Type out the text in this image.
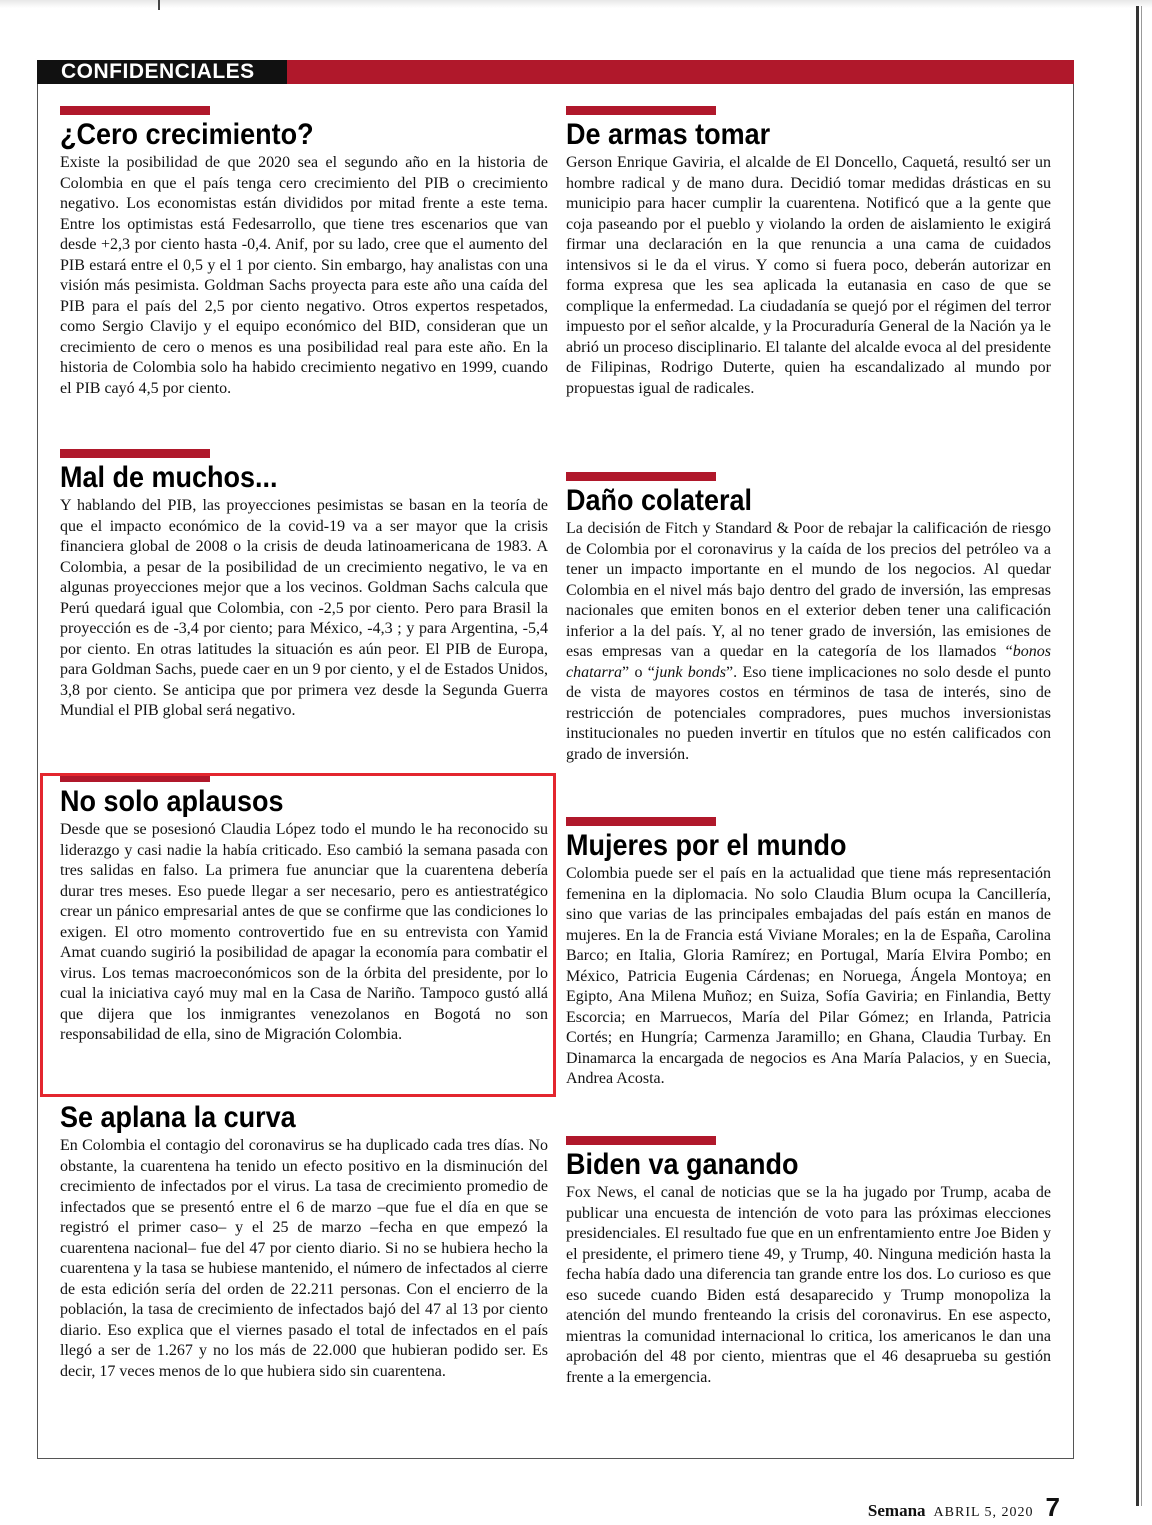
CONFIDENCIALES
¿Cero crecimiento?

Existe la posibilidad de que 2020 sea el segundo año en la historia de Colombia en que el país tenga cero crecimiento del PIB o crecimiento negativo. Los economistas están divididos por mitad frente a este tema. Entre los optimistas está Fedesarrollo, que tiene tres escenarios que van desde +2,3 por ciento hasta -0,4. Anif, por su lado, cree que el aumento del PIB estará entre el 0,5 y el 1 por ciento. Sin embargo, hay analistas con una visión más pesimista. Goldman Sachs proyecta para este año una caída del PIB para el país del 2,5 por ciento negativo. Otros expertos respetados, como Sergio Clavijo y el equipo económico del BID, consideran que un crecimiento de cero o menos es una posibilidad real para este año. En la historia de Colombia solo ha habido crecimiento negativo en 1999, cuando el PIB cayó 4,5 por ciento.

Mal de muchos...

Y hablando del PIB, las proyecciones pesimistas se basan en la teoría de que el impacto económico de la covid-19 va a ser mayor que la crisis financiera global de 2008 o la crisis de deuda latinoamericana de 1983. A Colombia, a pesar de la posibilidad de un crecimiento negativo, le va en algunas proyecciones mejor que a los vecinos. Goldman Sachs calcula que Perú quedará igual que Colombia, con -2,5 por ciento. Pero para Brasil la proyección es de -3,4 por ciento; para México, -4,3 ; y para Argentina, -5,4 por ciento. En otras latitudes la situación es aún peor. El PIB de Europa, para Goldman Sachs, puede caer en un 9 por ciento, y el de Estados Unidos, 3,8 por ciento. Se anticipa que por primera vez desde la Segunda Guerra Mundial el PIB global será negativo.

No solo aplausos

Desde que se posesionó Claudia López todo el mundo le ha reconocido su liderazgo y casi nadie la había criticado. Eso cambió la semana pasada con tres salidas en falso. La primera fue anunciar que la cuarentena debería durar tres meses. Eso puede llegar a ser necesario, pero es antiestratégico crear un pánico empresarial antes de que se confirme que las condiciones lo exigen. El otro momento controvertido fue en su entrevista con Yamid Amat cuando sugirió la posibilidad de apagar la economía para combatir el virus. Los temas macroeconómicos son de la órbita del presidente, por lo cual la iniciativa cayó muy mal en la Casa de Nariño. Tampoco gustó allá que dijera que los inmigrantes venezolanos en Bogotá no son responsabilidad de ella, sino de Migración Colombia.

Se aplana la curva

En Colombia el contagio del coronavirus se ha duplicado cada tres días. No obstante, la cuarentena ha tenido un efecto positivo en la disminución del crecimiento de infectados por el virus. La tasa de crecimiento promedio de infectados que se presentó entre el 6 de marzo –que fue el día en que se registró el primer caso– y el 25 de marzo –fecha en que empezó la cuarentena nacional– fue del 47 por ciento diario. Si no se hubiera hecho la cuarentena y la tasa se hubiese mantenido, el número de infectados al cierre de esta edición sería del orden de 22.211 personas. Con el encierro de la población, la tasa de crecimiento de infectados bajó del 47 al 13 por ciento diario. Eso explica que el viernes pasado el total de infectados en el país llegó a ser de 1.267 y no los más de 22.000 que hubieran podido ser. Es decir, 17 veces menos de lo que hubiera sido sin cuarentena.

De armas tomar

Gerson Enrique Gaviria, el alcalde de El Doncello, Caquetá, resultó ser un hombre radical y de mano dura. Decidió tomar medidas drásticas en su municipio para hacer cumplir la cuarentena. Notificó que a la gente que coja paseando por el pueblo y violando la orden de aislamiento le exigirá firmar una declaración en la que renuncia a una cama de cuidados intensivos si le da el virus. Y como si fuera poco, deberán autorizar en forma expresa que les sea aplicada la eutanasia en caso de que se complique la enfermedad. La ciudadanía se quejó por el régimen del terror impuesto por el señor alcalde, y la Procuraduría General de la Nación ya le abrió un proceso disciplinario. El talante del alcalde evoca al del presidente de Filipinas, Rodrigo Duterte, quien ha escandalizado al mundo por propuestas igual de radicales.

Daño colateral

La decisión de Fitch y Standard & Poor de rebajar la calificación de riesgo de Colombia por el coronavirus y la caída de los precios del petróleo va a tener un impacto importante en el mundo de los negocios. Al quedar Colombia en el nivel más bajo dentro del grado de inversión, las empresas nacionales que emiten bonos en el exterior deben tener una calificación inferior a la del país. Y, al no tener grado de inversión, las emisiones de esas empresas van a quedar en la categoría de los llamados “bonos chatarra” o “junk bonds”. Eso tiene implicaciones no solo desde el punto de vista de mayores costos en términos de tasa de interés, sino de restricción de potenciales compradores, pues muchos inversionistas institucionales no pueden invertir en títulos que no estén calificados con grado de inversión.

Mujeres por el mundo

Colombia puede ser el país en la actualidad que tiene más representación femenina en la diplomacia. No solo Claudia Blum ocupa la Cancillería, sino que varias de las principales embajadas del país están en manos de mujeres. En la de Francia está Viviane Morales; en la de España, Carolina Barco; en Italia, Gloria Ramírez; en Portugal, María Elvira Pombo; en México, Patricia Eugenia Cárdenas; en Noruega, Ángela Montoya; en Egipto, Ana Milena Muñoz; en Suiza, Sofía Gaviria; en Finlandia, Betty Escorcia; en Marruecos, María del Pilar Gómez; en Irlanda, Patricia Cortés; en Hungría; Carmenza Jaramillo; en Ghana, Claudia Turbay. En Dinamarca la encargada de negocios es Ana María Palacios, y en Suecia, Andrea Acosta.

Biden va ganando

Fox News, el canal de noticias que se la ha jugado por Trump, acaba de publicar una encuesta de intención de voto para las próximas elecciones presidenciales. El resultado fue que en un enfrentamiento entre Joe Biden y el presidente, el primero tiene 49, y Trump, 40. Ninguna medición hasta la fecha había dado una diferencia tan grande entre los dos. Lo curioso es que eso sucede cuando Biden está desaparecido y Trump monopoliza la atención del mundo frenteando la crisis del coronavirus. En ese aspecto, mientras la comunidad internacional lo critica, los americanos le dan una aprobación del 48 por ciento, mientras que el 46 desaprueba su gestión frente a la emergencia.

Semana ABRIL 5, 2020 7
